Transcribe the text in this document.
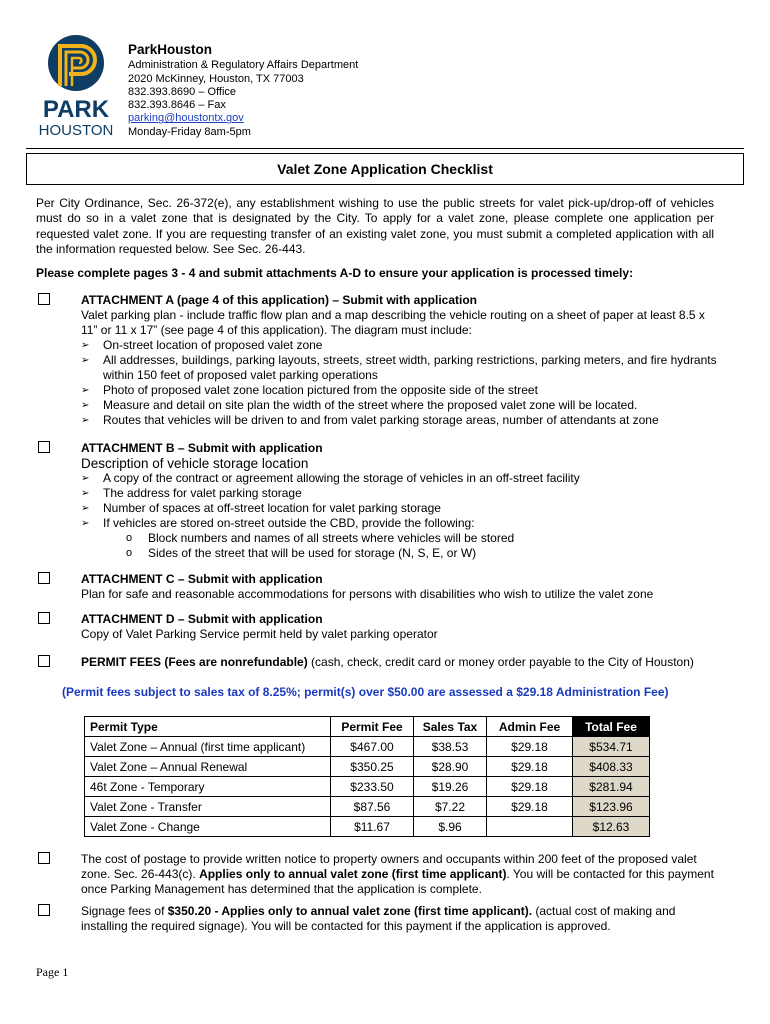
PARK
HOUSTON
ParkHouston
Administration & Regulatory Affairs Department
2020 McKinney, Houston, TX 77003
832.393.8690 – Office
832.393.8646 – Fax
parking@houstontx.gov
Monday-Friday 8am-5pm
Valet Zone Application Checklist
Per City Ordinance, Sec. 26-372(e), any establishment wishing to use the public streets for valet pick-up/drop-off of vehicles must do so in a valet zone that is designated by the City. To apply for a valet zone, please complete one application per requested valet zone. If you are requesting transfer of an existing valet zone, you must submit a completed application with all the information requested below. See Sec. 26-443.
Please complete pages 3 - 4 and submit attachments A-D to ensure your application is processed timely:
ATTACHMENT A (page 4 of this application) – Submit with application
Valet parking plan - include traffic flow plan and a map describing the vehicle routing on a sheet of paper at least 8.5 x 11” or 11 x 17” (see page 4 of this application). The diagram must include:
➢ On-street location of proposed valet zone
➢ All addresses, buildings, parking layouts, streets, street width, parking restrictions, parking meters, and fire hydrants within 150 feet of proposed valet parking operations
➢ Photo of proposed valet zone location pictured from the opposite side of the street
➢ Measure and detail on site plan the width of the street where the proposed valet zone will be located.
➢ Routes that vehicles will be driven to and from valet parking storage areas, number of attendants at zone
ATTACHMENT B – Submit with application
Description of vehicle storage location
➢ A copy of the contract or agreement allowing the storage of vehicles in an off-street facility
➢ The address for valet parking storage
➢ Number of spaces at off-street location for valet parking storage
➢ If vehicles are stored on-street outside the CBD, provide the following:
o Block numbers and names of all streets where vehicles will be stored
o Sides of the street that will be used for storage (N, S, E, or W)
ATTACHMENT C – Submit with application
Plan for safe and reasonable accommodations for persons with disabilities who wish to utilize the valet zone
ATTACHMENT D – Submit with application
Copy of Valet Parking Service permit held by valet parking operator
PERMIT FEES (Fees are nonrefundable) (cash, check, credit card or money order payable to the City of Houston)
(Permit fees subject to sales tax of 8.25%; permit(s) over $50.00 are assessed a $29.18 Administration Fee)
Permit Type	Permit Fee	Sales Tax	Admin Fee	Total Fee
Valet Zone – Annual (first time applicant)	$467.00	$38.53	$29.18	$534.71
Valet Zone – Annual Renewal	$350.25	$28.90	$29.18	$408.33
46t Zone - Temporary	$233.50	$19.26	$29.18	$281.94
Valet Zone - Transfer	$87.56	$7.22	$29.18	$123.96
Valet Zone - Change	$11.67	$.96		$12.63
The cost of postage to provide written notice to property owners and occupants within 200 feet of the proposed valet zone. Sec. 26-443(c). Applies only to annual valet zone (first time applicant). You will be contacted for this payment once Parking Management has determined that the application is complete.
Signage fees of $350.20 - Applies only to annual valet zone (first time applicant). (actual cost of making and installing the required signage). You will be contacted for this payment if the application is approved.
Page 1
